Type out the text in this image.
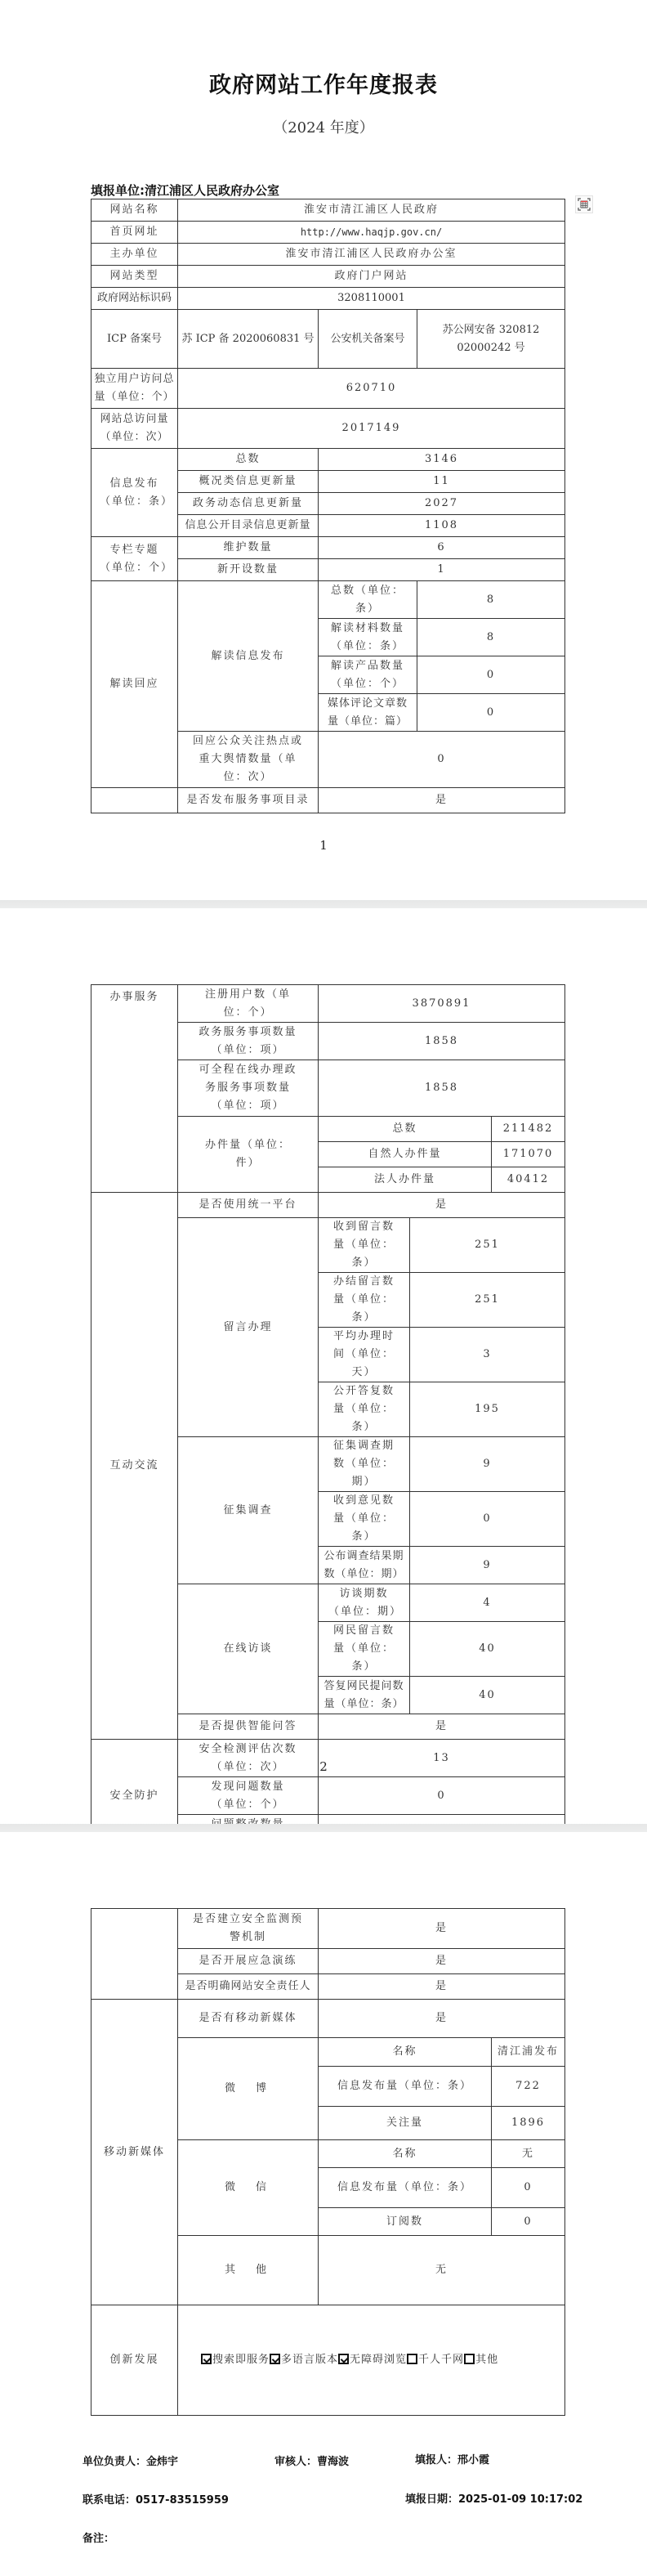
政府网站工作年度报表
（2024 年度）
填报单位:清江浦区人民政府办公室
网站名称	淮安市清江浦区人民政府		
首页网址	http://www.haqjp.gov.cn/		
主办单位	淮安市清江浦区人民政府办公室		
网站类型	政府门户网站		
政府网站标识码	3208110001		
ICP 备案号	苏 ICP 备 2020060831 号	公安机关备案号	苏公网安备 32081202000242 号
独立用户访问总量（单位：个）	620710		
网站总访问量（单位：次）	2017149		
信息发布（单位：条）	总数	3146	
	概况类信息更新量	11	
	政务动态信息更新量	2027	
	信息公开目录信息更新量	1108	
专栏专题（单位：个）	维护数量	6	
	新开设数量	1	
解读回应	解读信息发布	总数（单位：条）	8
		解读材料数量（单位：条）	8
		解读产品数量（单位：个）	0
		媒体评论文章数量（单位：篇）	0
	回应公众关注热点或重大舆情数量（单位：次）	0	
	是否发布服务事项目录	是	
1
办事服务	注册用户数（单位：个）	3870891		
	政务服务事项数量（单位：项）	1858		
	可全程在线办理政务服务事项数量（单位：项）	1858		
	办件量（单位：件）	总数		211482
		自然人办件量		171070
		法人办件量		40412
互动交流	是否使用统一平台	是		
	留言办理	收到留言数量（单位：条）	251	
		办结留言数量（单位：条）	251	
		平均办理时间（单位：天）	3	
		公开答复数量（单位：条）	195	
	征集调查	征集调查期数（单位：期）	9	
		收到意见数量（单位：条）	0	
		公布调查结果期数（单位：期）	9	
	在线访谈	访谈期数（单位：期）	4	
		网民留言数量（单位：条）	40	
		答复网民提问数量（单位：条）	40	
	是否提供智能问答	是		
安全防护	安全检测评估次数（单位：次）	13		
	发现问题数量（单位：个）	0		

2
	是否建立安全监测预警机制	是	
	是否开展应急演练	是	
	是否明确网站安全责任人	是	
移动新媒体	是否有移动新媒体	是	
	微　博	名称	清江浦发布
		信息发布量（单位：条）	722
		关注量	1896
	微　信	名称	无
		信息发布量（单位：条）	0
		订阅数	0
	其　他	无	
创新发展	搜索即服务 多语言版本 无障碍浏览 千人千网 其他		
单位负责人：金炜宇	审核人：曹海波	填报人：邢小霞
联系电话：0517-83515959	填报日期：2025-01-09 10:17:02
备注：
